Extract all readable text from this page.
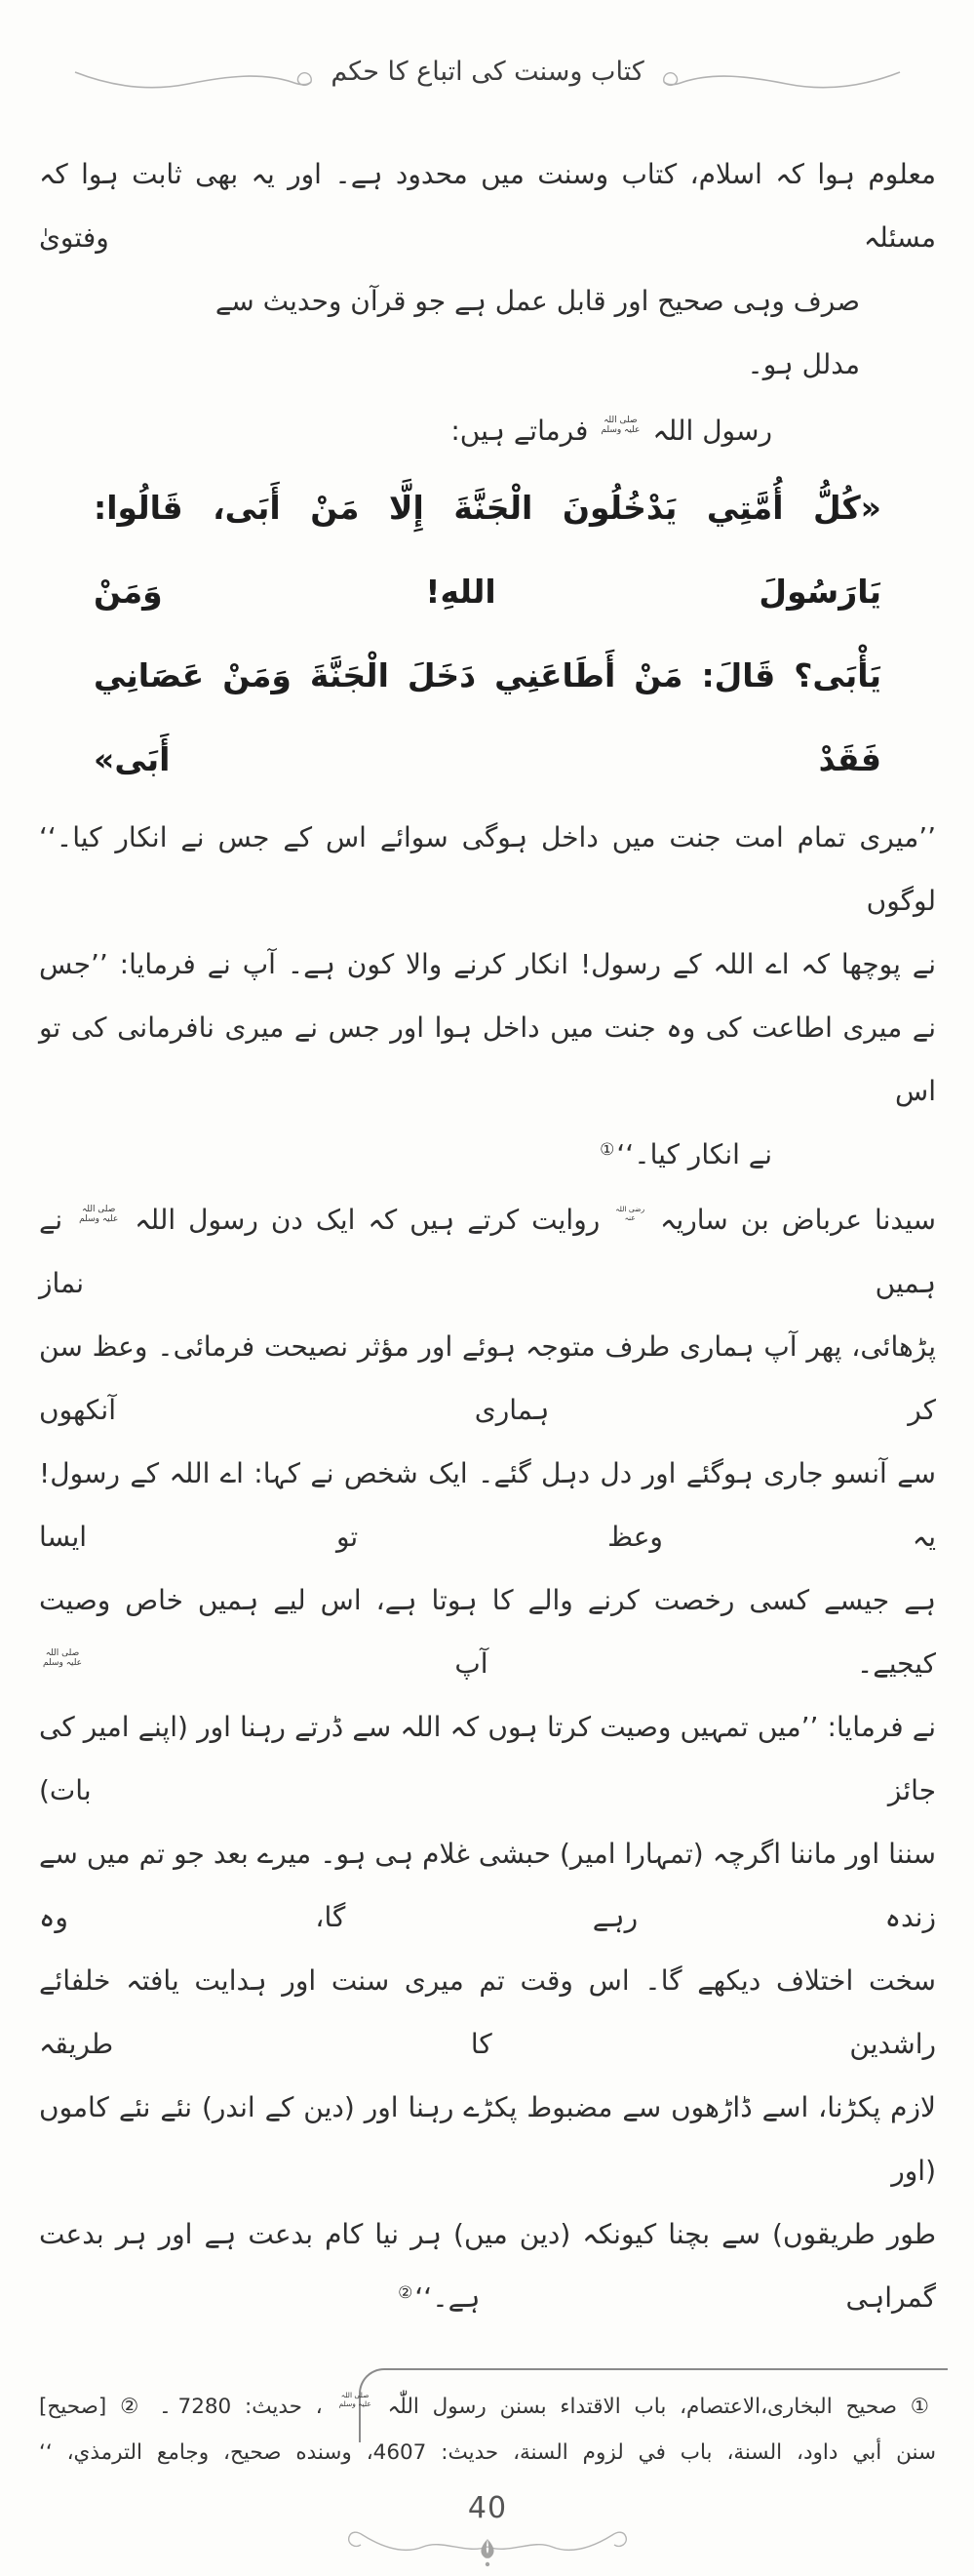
کتاب وسنت کی اتباع کا حکم
معلوم ہوا کہ اسلام، کتاب وسنت میں محدود ہے۔ اور یہ بھی ثابت ہوا کہ مسئلہ وفتویٰ
صرف وہی صحیح اور قابل عمل ہے جو قرآن وحدیث سے مدلل ہو۔
رسول اللہ
صلی اللہ
علیہ وسلم
فرماتے ہیں:
«كُلُّ أُمَّتِي يَدْخُلُونَ الْجَنَّةَ إِلَّا مَنْ أَبَى، قَالُوا: يَارَسُولَ اللهِ! وَمَنْ
يَأْبَى؟ قَالَ: مَنْ أَطَاعَنِي دَخَلَ الْجَنَّةَ وَمَنْ عَصَانِي فَقَدْ أَبَى»
’’میری تمام امت جنت میں داخل ہوگی سوائے اس کے جس نے انکار کیا۔‘‘ لوگوں
نے پوچھا کہ اے اللہ کے رسول! انکار کرنے والا کون ہے۔ آپ نے فرمایا: ’’جس
نے میری اطاعت کی وہ جنت میں داخل ہوا اور جس نے میری نافرمانی کی تو اس
نے انکار کیا۔‘‘①
سیدنا عرباض بن ساریہ
رضی اللہ
عنہ
روایت کرتے ہیں کہ ایک دن رسول اللہ
صلی اللہ
علیہ وسلم
نے ہمیں نماز
پڑھائی، پھر آپ ہماری طرف متوجہ ہوئے اور مؤثر نصیحت فرمائی۔ وعظ سن کر ہماری آنکھوں
سے آنسو جاری ہوگئے اور دل دہل گئے۔ ایک شخص نے کہا: اے اللہ کے رسول! یہ وعظ تو ایسا
ہے جیسے کسی رخصت کرنے والے کا ہوتا ہے، اس لیے ہمیں خاص وصیت کیجیے۔ آپ
صلی اللہ
علیہ وسلم
نے فرمایا: ’’میں تمہیں وصیت کرتا ہوں کہ اللہ سے ڈرتے رہنا اور (اپنے امیر کی جائز بات)
سننا اور ماننا اگرچہ (تمہارا امیر) حبشی غلام ہی ہو۔ میرے بعد جو تم میں سے زندہ رہے گا، وہ
سخت اختلاف دیکھے گا۔ اس وقت تم میری سنت اور ہدایت یافتہ خلفائے راشدین کا طریقہ
لازم پکڑنا، اسے ڈاڑھوں سے مضبوط پکڑے رہنا اور (دین کے اندر) نئے نئے کاموں (اور
طور طریقوں) سے بچنا کیونکہ (دین میں) ہر نیا کام بدعت ہے اور ہر بدعت گمراہی ہے۔‘‘②
① صحیح البخاری،الاعتصام، باب الاقتداء بسنن رسول اللّٰہ
صلی اللہ
علیہ وسلم
، حدیث: 7280 ۔ ② [صحیح]
سنن أبي داود، السنة، باب في لزوم السنة، حدیث: 4607، وسنده صحیح، وجامع الترمذي، ‘‘
40
